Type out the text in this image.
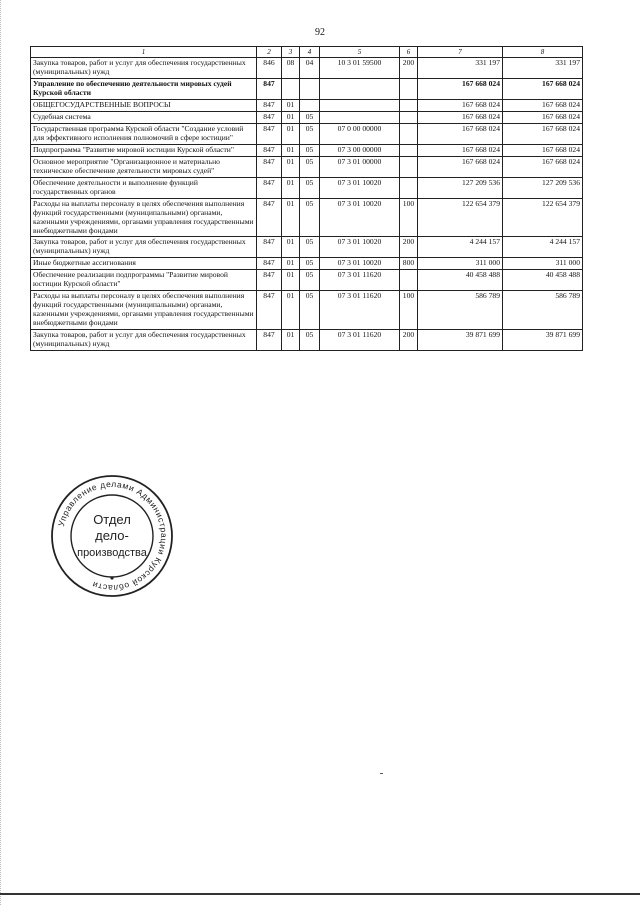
92
1	2	3	4	5	6	7	8
Закупка товаров, работ и услуг для обеспечения государственных (муниципальных) нужд	846	08	04	10 3 01 59500	200	331 197	331 197
Управление по обеспечению деятельности мировых судей Курской области	847					167 668 024	167 668 024
ОБЩЕГОСУДАРСТВЕННЫЕ ВОПРОСЫ	847	01				167 668 024	167 668 024
Судебная система	847	01	05			167 668 024	167 668 024
Государственная программа Курской области "Создание условий для эффективного исполнения полномочий в сфере юстиции"	847	01	05	07 0 00 00000		167 668 024	167 668 024
Подпрограмма "Развитие мировой юстиции Курской области"	847	01	05	07 3 00 00000		167 668 024	167 668 024
Основное мероприятие "Организационное и материально техническое обеспечение деятельности мировых судей"	847	01	05	07 3 01 00000		167 668 024	167 668 024
Обеспечение деятельности и выполнение функций государственных органов	847	01	05	07 3 01 10020		127 209 536	127 209 536
Расходы на выплаты персоналу в целях обеспечения выполнения функций государственными (муниципальными) органами, казенными учреждениями, органами управления государственными внебюджетными фондами	847	01	05	07 3 01 10020	100	122 654 379	122 654 379
Закупка товаров, работ и услуг для обеспечения государственных (муниципальных) нужд	847	01	05	07 3 01 10020	200	4 244 157	4 244 157
Иные бюджетные ассигнования	847	01	05	07 3 01 10020	800	311 000	311 000
Обеспечение реализации подпрограммы "Развитие мировой юстиции Курской области"	847	01	05	07 3 01 11620		40 458 488	40 458 488
Расходы на выплаты персоналу в целях обеспечения выполнения функций государственными (муниципальными) органами, казенными учреждениями, органами управления государственными внебюджетными фондами	847	01	05	07 3 01 11620	100	586 789	586 789
Закупка товаров, работ и услуг для обеспечения государственных (муниципальных) нужд	847	01	05	07 3 01 11620	200	39 871 699	39 871 699
Управление делами Администрации Курской области
Отдел
дело-
производства
